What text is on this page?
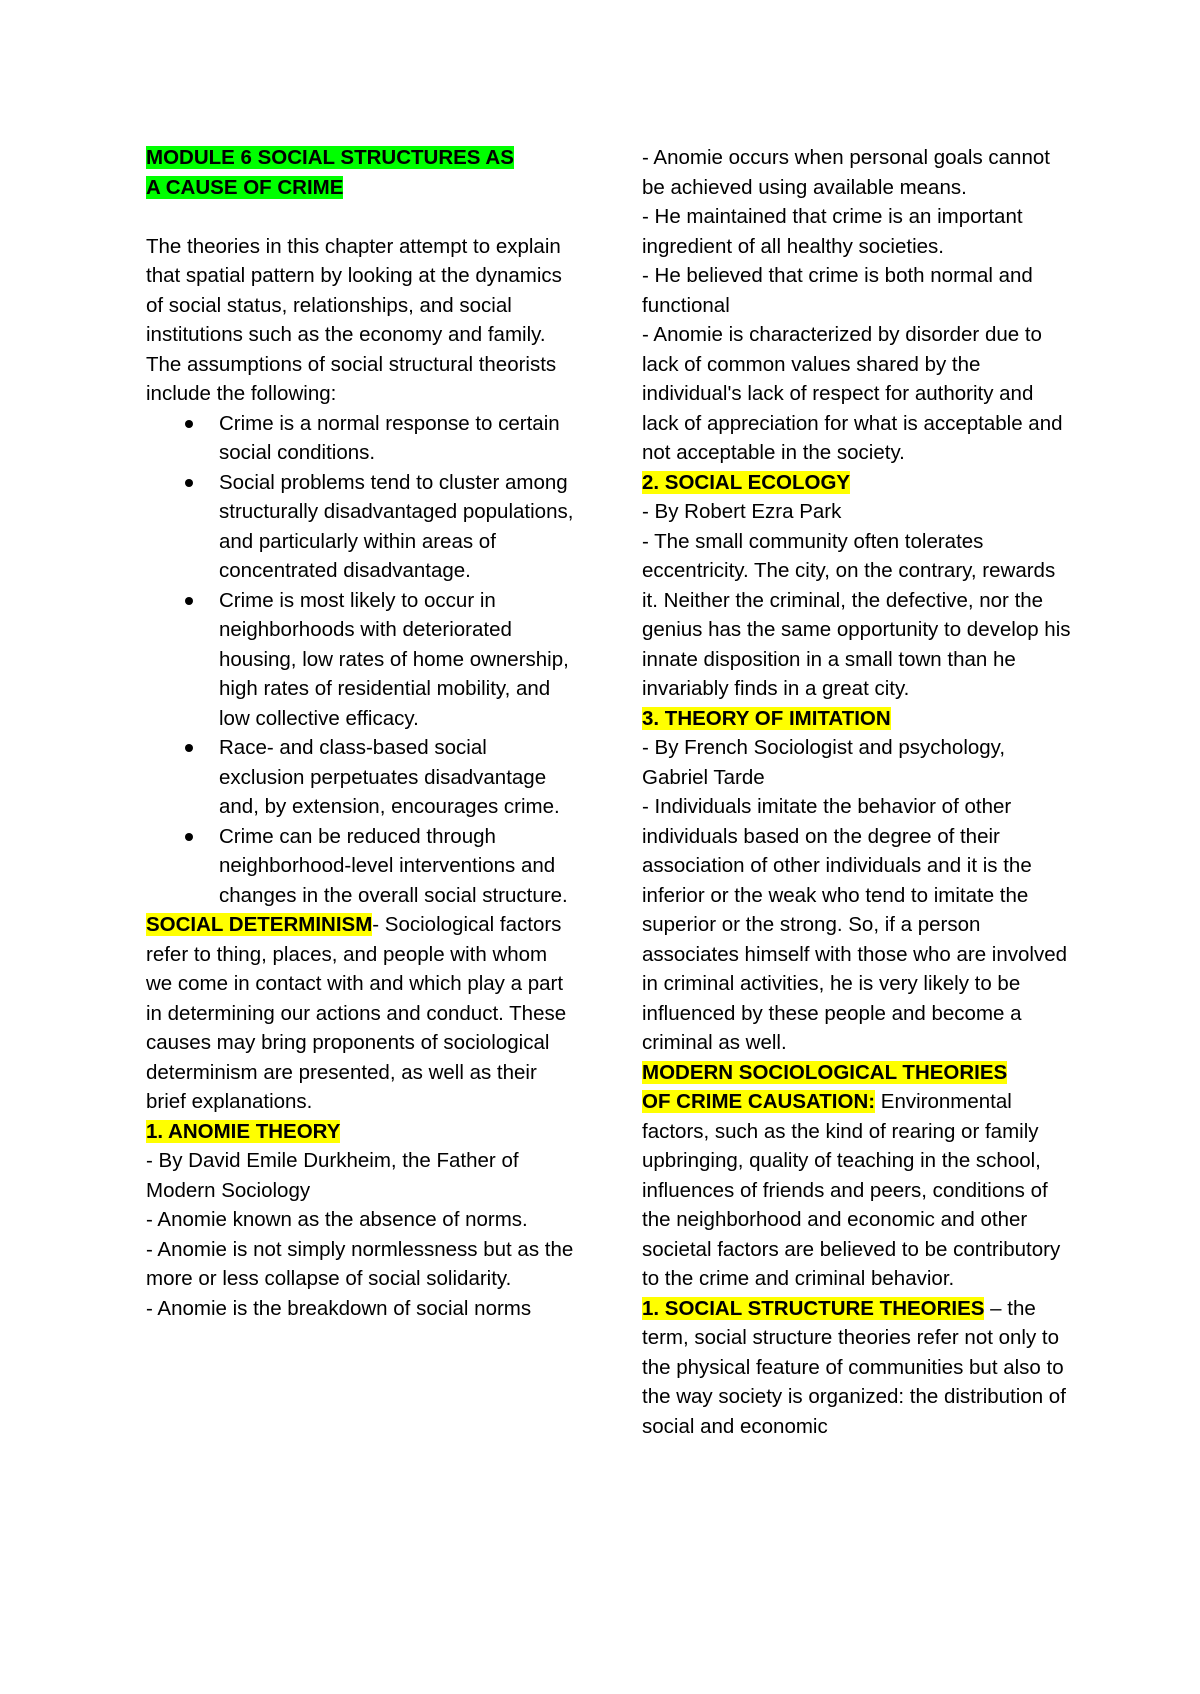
MODULE 6 SOCIAL STRUCTURES AS
A CAUSE OF CRIME

The theories in this chapter attempt to explain that spatial pattern by looking at the dynamics of social status, relationships, and social institutions such as the economy and family. The assumptions of social structural theorists include the following:

Crime is a normal response to certain social conditions.
Social problems tend to cluster among structurally disadvantaged populations, and particularly within areas of concentrated disadvantage.
Crime is most likely to occur in neighborhoods with deteriorated housing, low rates of home ownership, high rates of residential mobility, and low collective efficacy.
Race- and class-based social exclusion perpetuates disadvantage and, by extension, encourages crime.
Crime can be reduced through neighborhood-level interventions and changes in the overall social structure.

SOCIAL DETERMINISM- Sociological factors refer to thing, places, and people with whom we come in contact with and which play a part in determining our actions and conduct. These causes may bring proponents of sociological determinism are presented, as well as their brief explanations.

1. ANOMIE THEORY

- By David Emile Durkheim, the Father of Modern Sociology

- Anomie known as the absence of norms.

- Anomie is not simply normlessness but as the more or less collapse of social solidarity.

- Anomie is the breakdown of social norms

- Anomie occurs when personal goals cannot be achieved using available means.

- He maintained that crime is an important ingredient of all healthy societies.

- He believed that crime is both normal and functional

- Anomie is characterized by disorder due to lack of common values shared by the individual's lack of respect for authority and lack of appreciation for what is acceptable and not acceptable in the society.

2. SOCIAL ECOLOGY

- By Robert Ezra Park

- The small community often tolerates eccentricity. The city, on the contrary, rewards it. Neither the criminal, the defective, nor the genius has the same opportunity to develop his innate disposition in a small town than he invariably finds in a great city.

3. THEORY OF IMITATION

- By French Sociologist and psychology, Gabriel Tarde

- Individuals imitate the behavior of other individuals based on the degree of their association of other individuals and it is the inferior or the weak who tend to imitate the superior or the strong. So, if a person associates himself with those who are involved in criminal activities, he is very likely to be influenced by these people and become a criminal as well.

MODERN SOCIOLOGICAL THEORIES
OF CRIME CAUSATION: Environmental factors, such as the kind of rearing or family upbringing, quality of teaching in the school, influences of friends and peers, conditions of the neighborhood and economic and other societal factors are believed to be contributory to the crime and criminal behavior.

1. SOCIAL STRUCTURE THEORIES – the term, social structure theories refer not only to the physical feature of communities but also to the way society is organized: the distribution of social and economic
